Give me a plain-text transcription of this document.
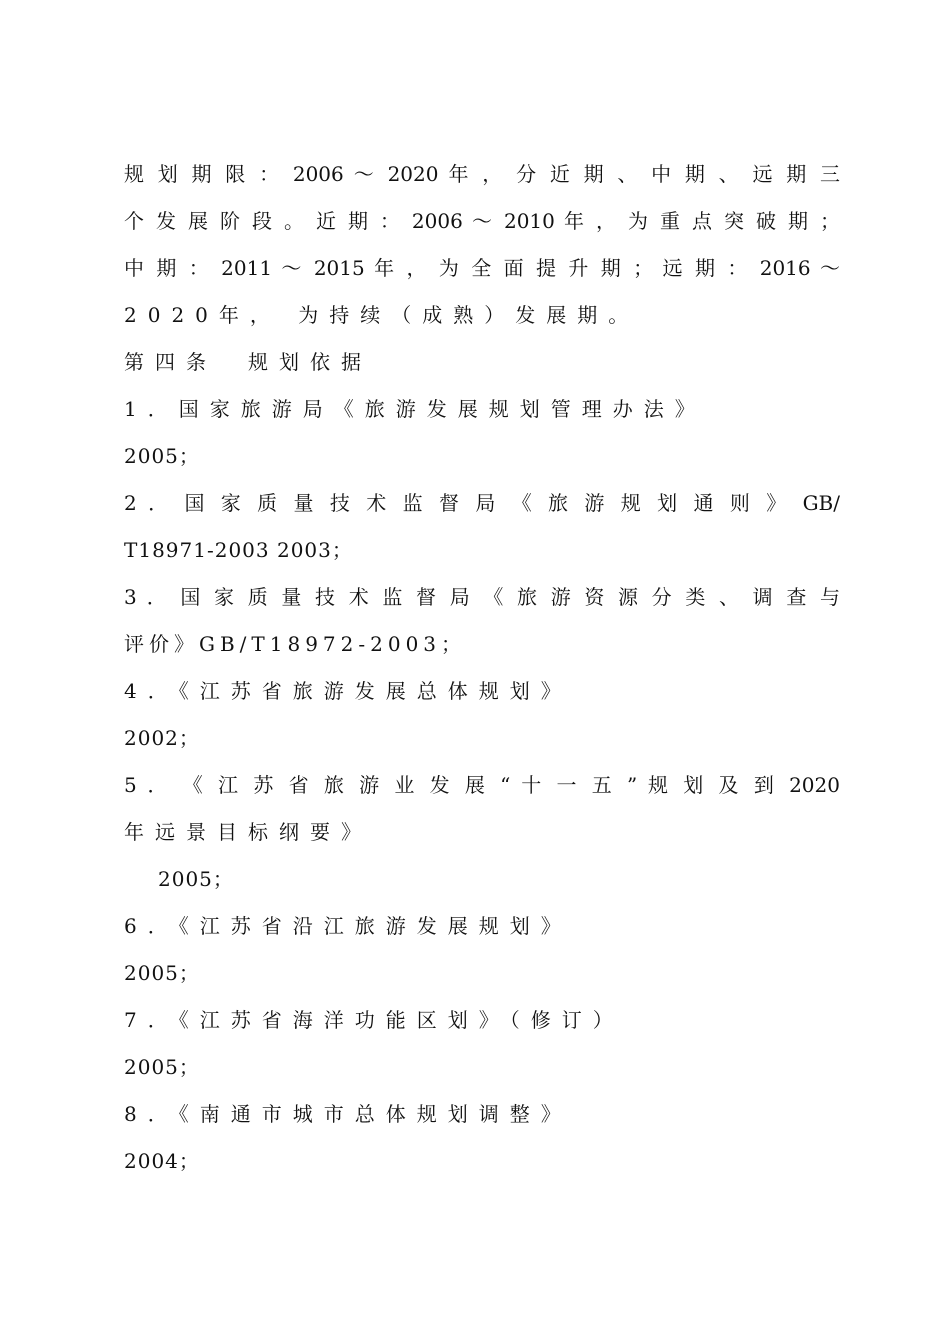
规 划 期 限 ： 2006 ～ 2020 年 ， 分 近 期 、 中 期 、 远 期 三
个 发 展 阶 段 。 近 期 ： 2006 ～ 2010 年 ， 为 重 点 突 破 期 ；
中 期 ： 2011 ～ 2015 年 ， 为 全 面 提 升 期 ； 远 期 ： 2016 ～
2020年， 为持续（成熟）发展期。
第四条　规划依据
1．国家旅游局《旅游发展规划管理办法》
2005；
2 ． 国 家 质 量 技 术 监 督 局 《 旅 游 规 划 通 则 》 GB/
T18971-2003 2003；
3 ． 国 家 质 量 技 术 监 督 局 《 旅 游 资 源 分 类 、 调 查 与
评价》GB/T18972-2003；
4．《江苏省旅游发展总体规划》
2002；
5 ． 《 江 苏 省 旅 游 业 发 展 “ 十 一 五 ” 规 划 及 到 2020
年远景目标纲要》
2005；
6．《江苏省沿江旅游发展规划》
2005；
7．《江苏省海洋功能区划》（修订）
2005；
8．《南通市城市总体规划调整》
2004；
